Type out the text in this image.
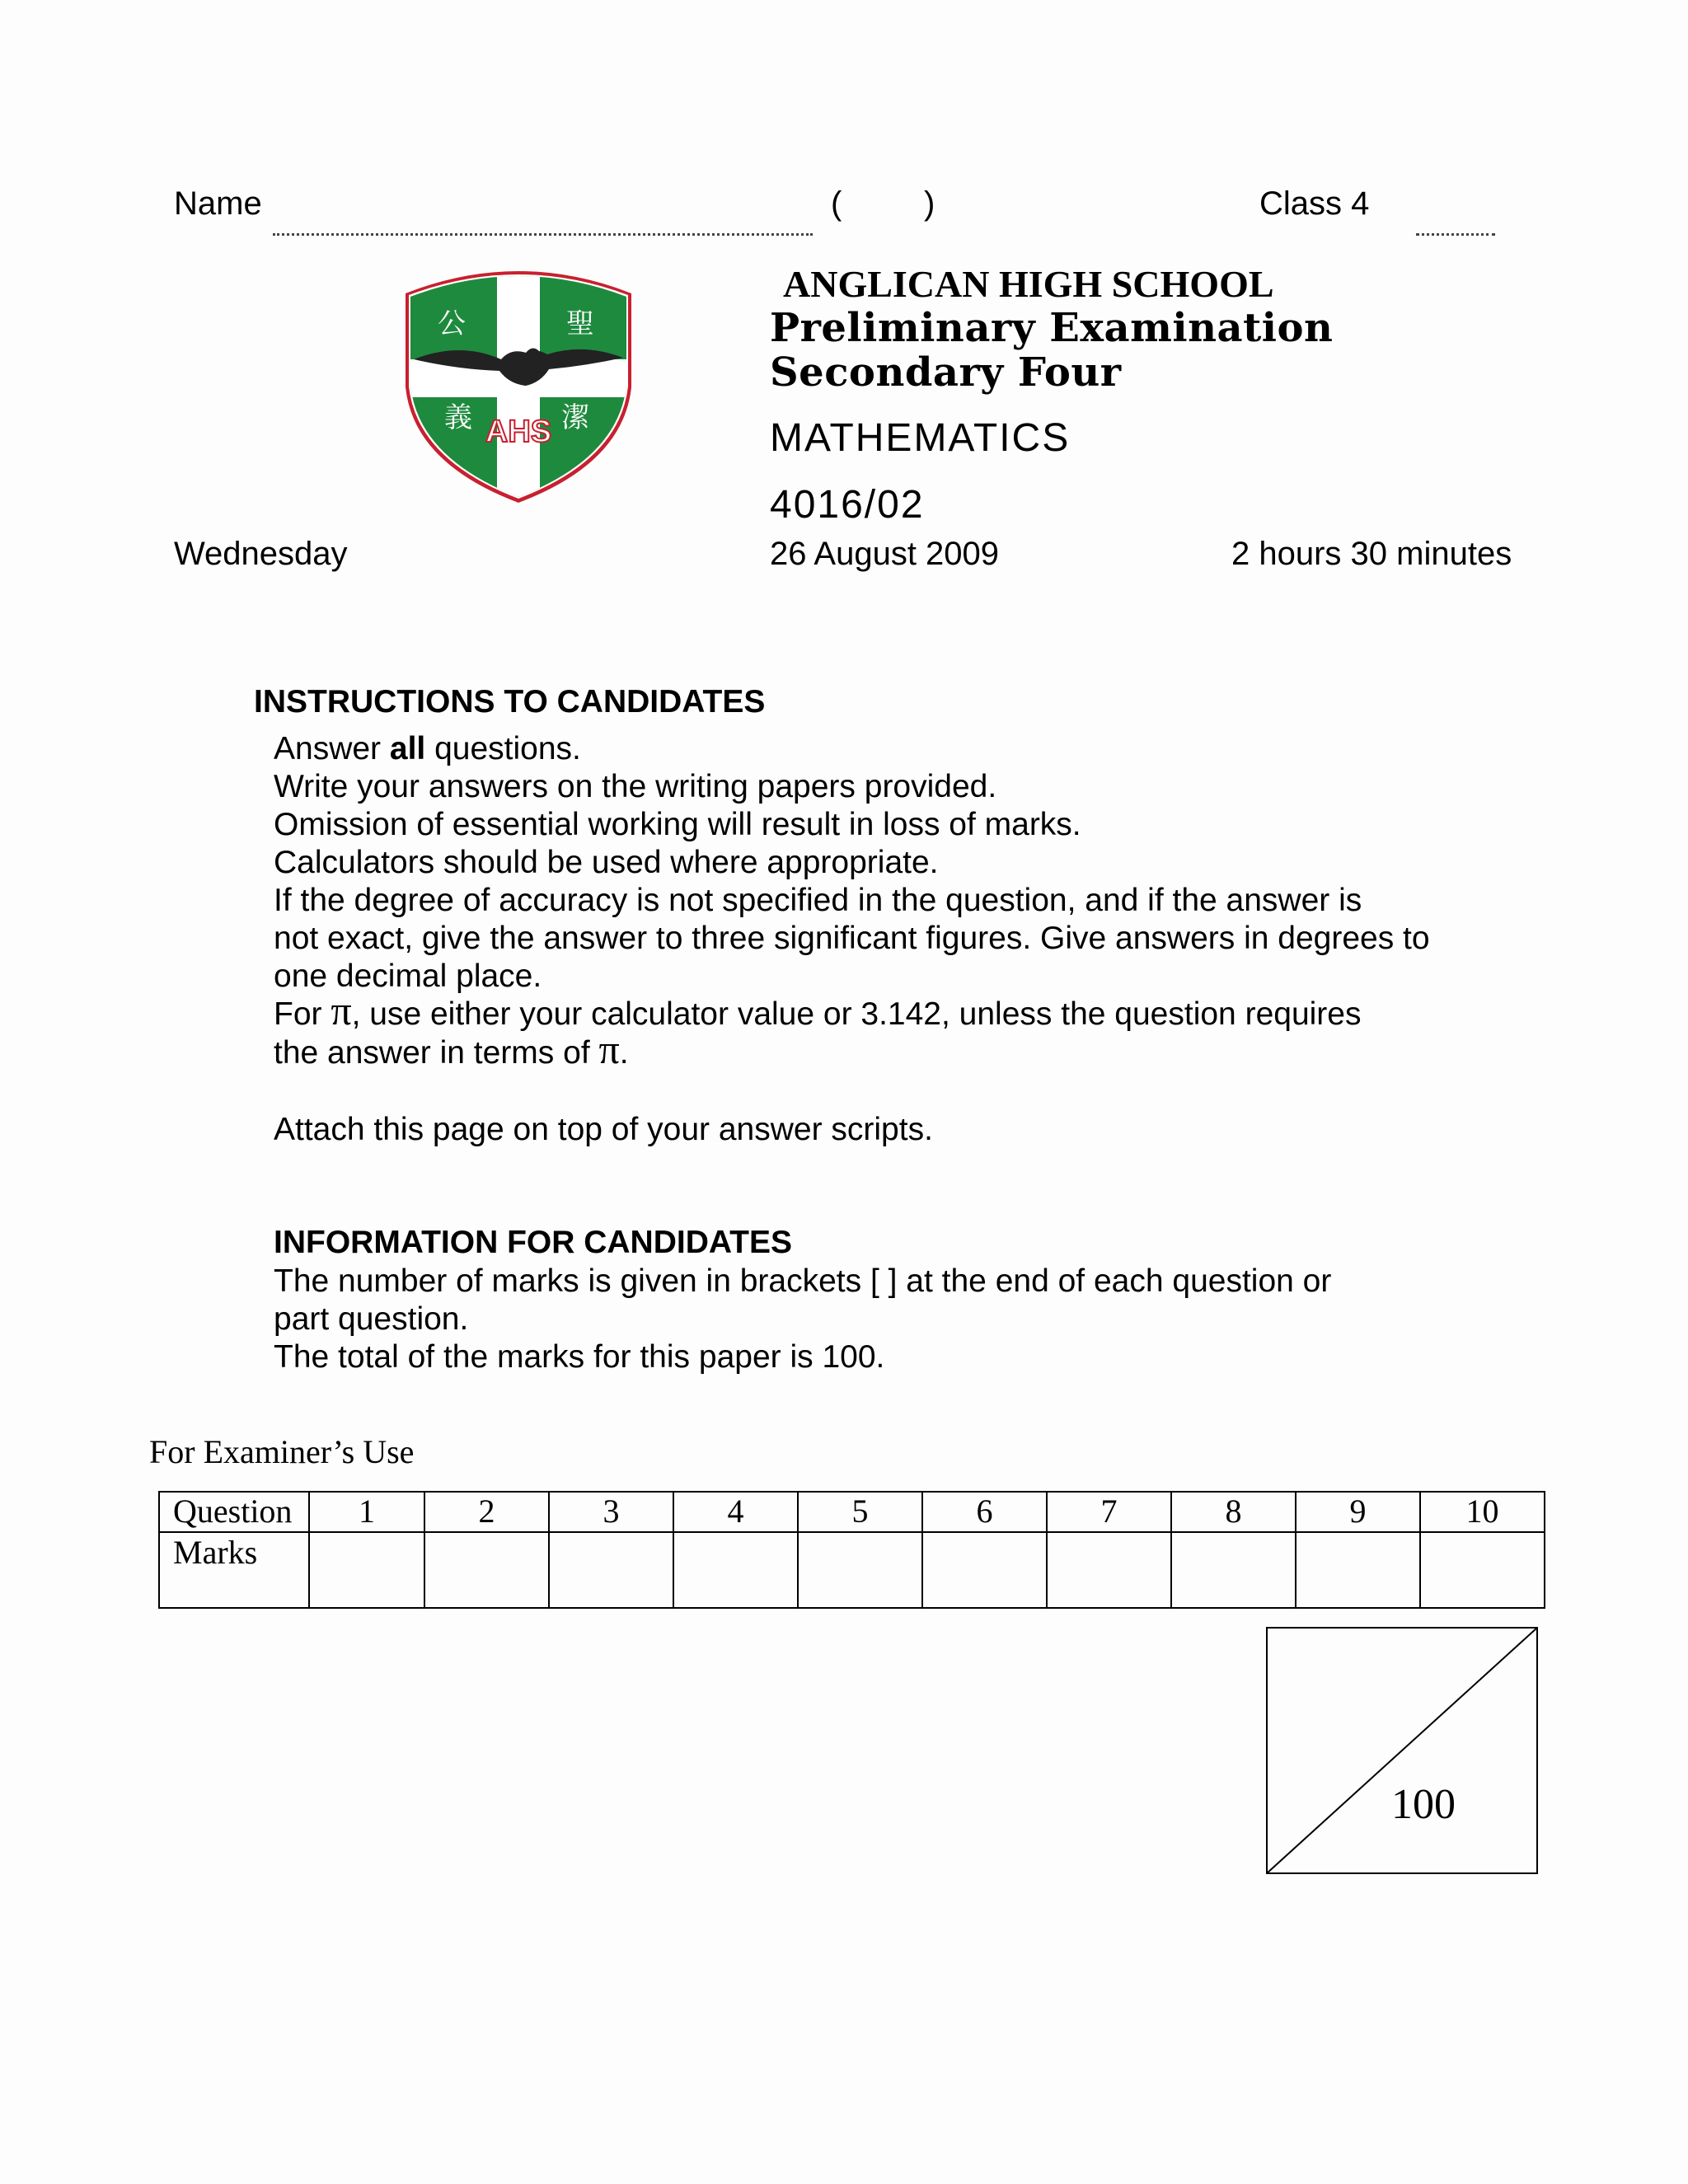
Name	( )	Class 4
公	聖
義	潔
AHS
ANGLICAN HIGH SCHOOL
Preliminary Examination
Secondary Four
MATHEMATICS
4016/02
Wednesday	26 August 2009	2 hours 30 minutes
INSTRUCTIONS TO CANDIDATES
Answer all questions.
Write your answers on the writing papers provided.
Omission of essential working will result in loss of marks.
Calculators should be used where appropriate.
If the degree of accuracy is not specified in the question, and if the answer is
not exact, give the answer to three significant figures. Give answers in degrees to
one decimal place.
For π, use either your calculator value or 3.142, unless the question requires
the answer in terms of π.
Attach this page on top of your answer scripts.
INFORMATION FOR CANDIDATES
The number of marks is given in brackets [ ] at the end of each question or
part question.
The total of the marks for this paper is 100.
For Examiner’s Use
Question	1	2	3	4	5	6	7	8	9	10
Marks										
100
